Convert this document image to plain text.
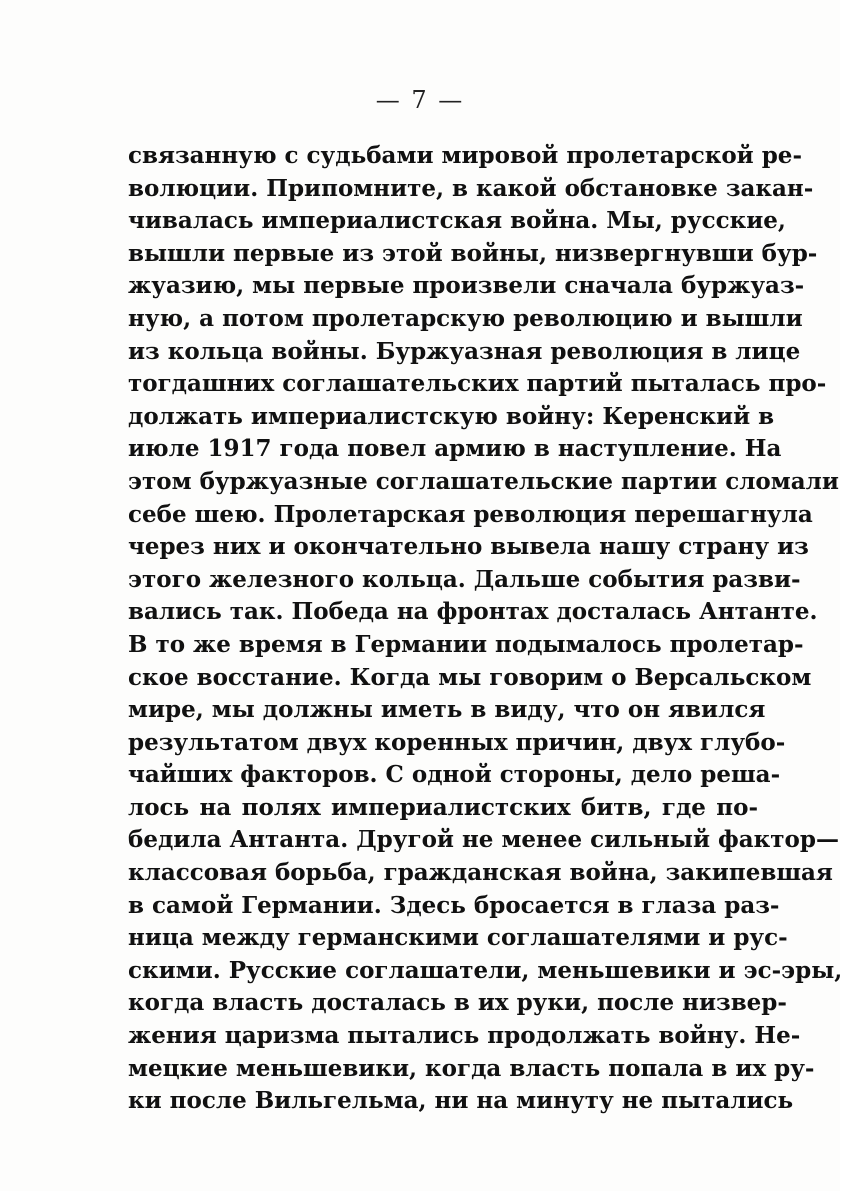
— 7 —
связанную с судьбами мировой пролетарской ре-
волюции. Припомните, в какой обстановке закан-
чивалась империалистская война. Мы, русские,
вышли первые из этой войны, низвергнувши бур-
жуазию, мы первые произвели сначала буржуаз-
ную, а потом пролетарскую революцию и вышли
из кольца войны. Буржуазная революция в лице
тогдашних соглашательских партий пыталась про-
должать империалистскую войну: Керенский в
июле 1917 года повел армию в наступление. На
этом буржуазные соглашательские партии сломали
себе шею. Пролетарская революция перешагнула
через них и окончательно вывела нашу страну из
этого железного кольца. Дальше события разви-
вались так. Победа на фронтах досталась Антанте.
В то же время в Германии подымалось пролетар-
ское восстание. Когда мы говорим о Версальском
мире, мы должны иметь в виду, что он явился
результатом двух коренных причин, двух глубо-
чайших факторов. С одной стороны, дело реша-
лось на полях империалистских битв, где по-
бедила Антанта. Другой не менее сильный фактор—
классовая борьба, гражданская война, закипевшая
в самой Германии. Здесь бросается в глаза раз-
ница между германскими соглашателями и рус-
скими. Русские соглашатели, меньшевики и эс-эры,
когда власть досталась в их руки, после низвер-
жения царизма пытались продолжать войну. Не-
мецкие меньшевики, когда власть попала в их ру-
ки после Вильгельма, ни на минуту не пытались
